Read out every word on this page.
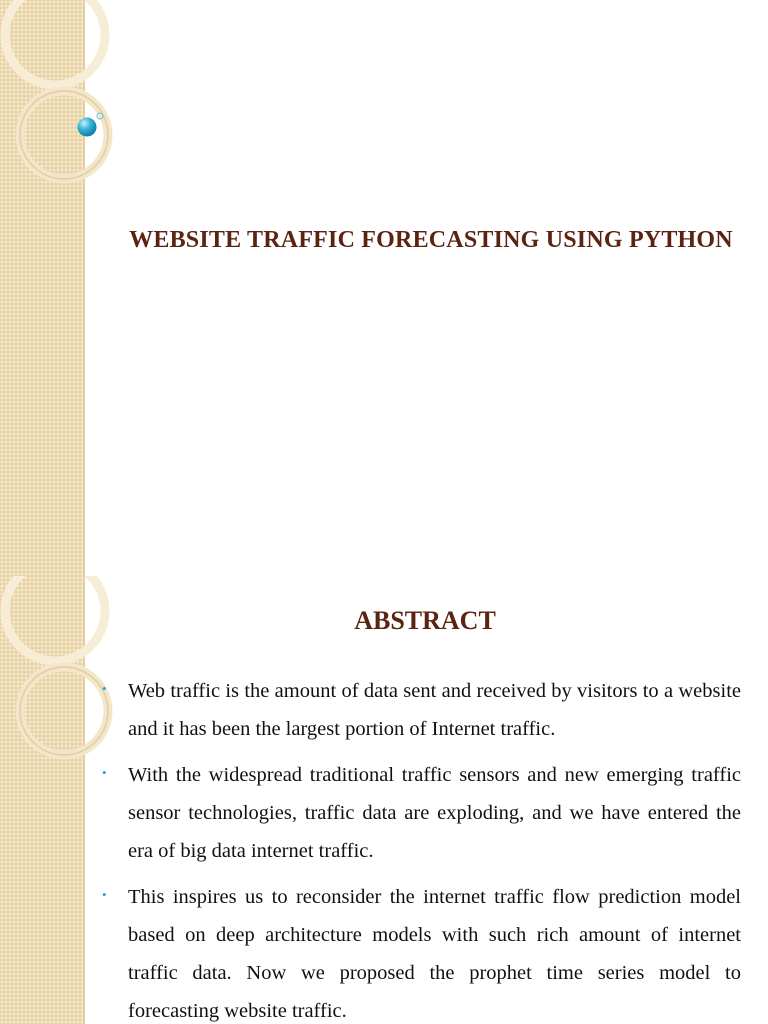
WEBSITE TRAFFIC FORECASTING USING PYTHON
ABSTRACT
• Web traffic is the amount of data sent and received by visitors to a website and it has been the largest portion of Internet traffic.
• With the widespread traditional traffic sensors and new emerging traffic sensor technologies, traffic data are exploding, and we have entered the era of big data internet traffic.
• This inspires us to reconsider the internet traffic flow prediction model based on deep architecture models with such rich amount of internet traffic data. Now we proposed the prophet time series model to forecasting website traffic.
